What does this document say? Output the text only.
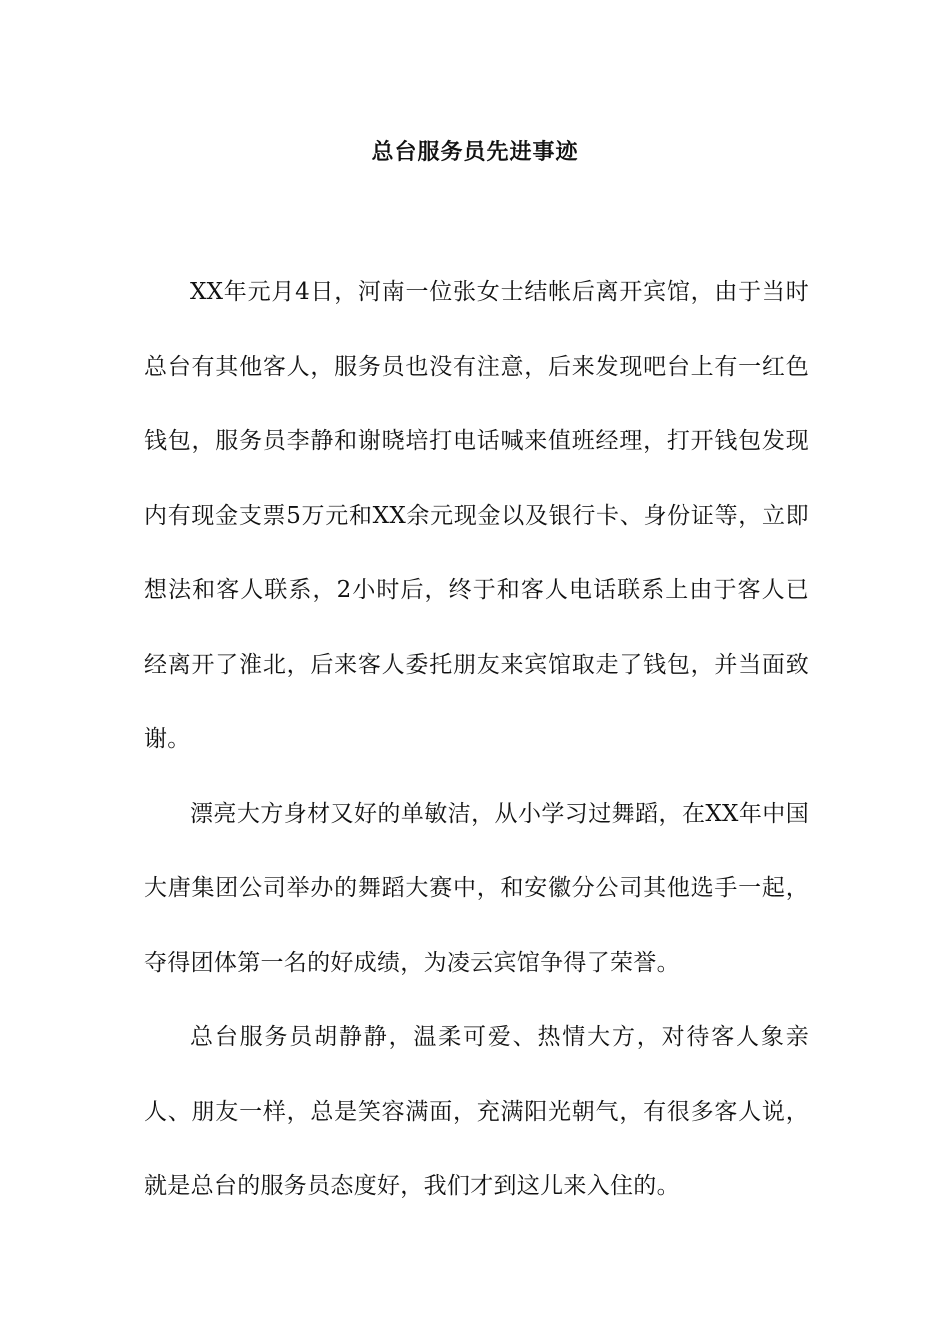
总台服务员先进事迹

XX年元月4日，河南一位张女士结帐后离开宾馆，由于当时总台有其他客人，服务员也没有注意，后来发现吧台上有一红色钱包，服务员李静和谢晓培打电话喊来值班经理，打开钱包发现内有现金支票5万元和XX余元现金以及银行卡、身份证等，立即想法和客人联系，2小时后，终于和客人电话联系上由于客人已经离开了淮北，后来客人委托朋友来宾馆取走了钱包，并当面致谢。

漂亮大方身材又好的单敏洁，从小学习过舞蹈，在XX年中国大唐集团公司举办的舞蹈大赛中，和安徽分公司其他选手一起，夺得团体第一名的好成绩，为凌云宾馆争得了荣誉。

总台服务员胡静静，温柔可爱、热情大方，对待客人象亲人、朋友一样，总是笑容满面，充满阳光朝气，有很多客人说，就是总台的服务员态度好，我们才到这儿来入住的。
